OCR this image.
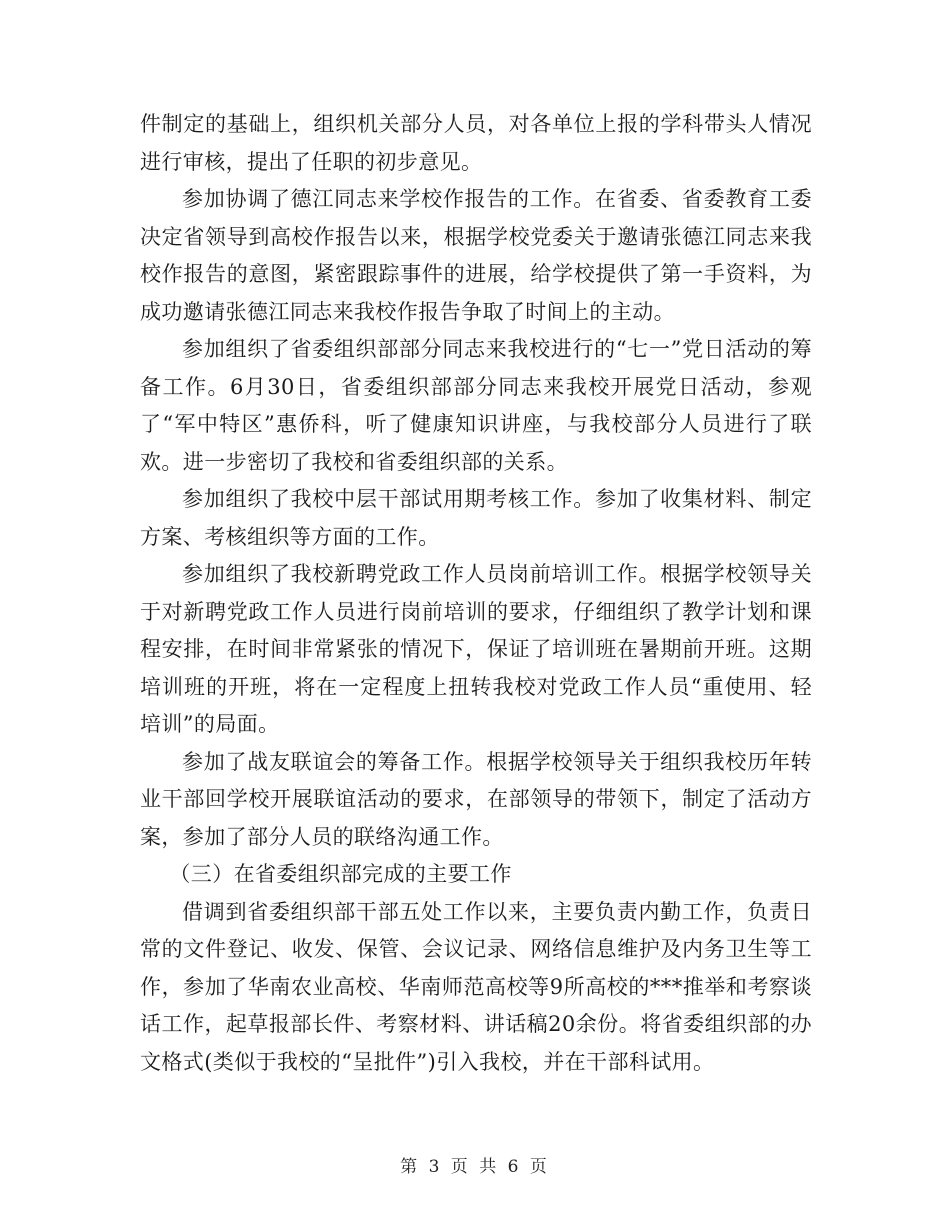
件制定的基础上，组织机关部分人员，对各单位上报的学科带头人情况进行审核，提出了任职的初步意见。

参加协调了德江同志来学校作报告的工作。在省委、省委教育工委决定省领导到高校作报告以来，根据学校党委关于邀请张德江同志来我校作报告的意图，紧密跟踪事件的进展，给学校提供了第一手资料，为成功邀请张德江同志来我校作报告争取了时间上的主动。

参加组织了省委组织部部分同志来我校进行的“七一”党日活动的筹备工作。6月30日，省委组织部部分同志来我校开展党日活动，参观了“军中特区”惠侨科，听了健康知识讲座，与我校部分人员进行了联欢。进一步密切了我校和省委组织部的关系。

参加组织了我校中层干部试用期考核工作。参加了收集材料、制定方案、考核组织等方面的工作。

参加组织了我校新聘党政工作人员岗前培训工作。根据学校领导关于对新聘党政工作人员进行岗前培训的要求，仔细组织了教学计划和课程安排，在时间非常紧张的情况下，保证了培训班在暑期前开班。这期培训班的开班，将在一定程度上扭转我校对党政工作人员“重使用、轻培训”的局面。

参加了战友联谊会的筹备工作。根据学校领导关于组织我校历年转业干部回学校开展联谊活动的要求，在部领导的带领下，制定了活动方案，参加了部分人员的联络沟通工作。

（三）在省委组织部完成的主要工作

借调到省委组织部干部五处工作以来，主要负责内勤工作，负责日常的文件登记、收发、保管、会议记录、网络信息维护及内务卫生等工作，参加了华南农业高校、华南师范高校等9所高校的***推举和考察谈话工作，起草报部长件、考察材料、讲话稿20余份。将省委组织部的办文格式(类似于我校的“呈批件”)引入我校，并在干部科试用。

第 3 页 共 6 页
